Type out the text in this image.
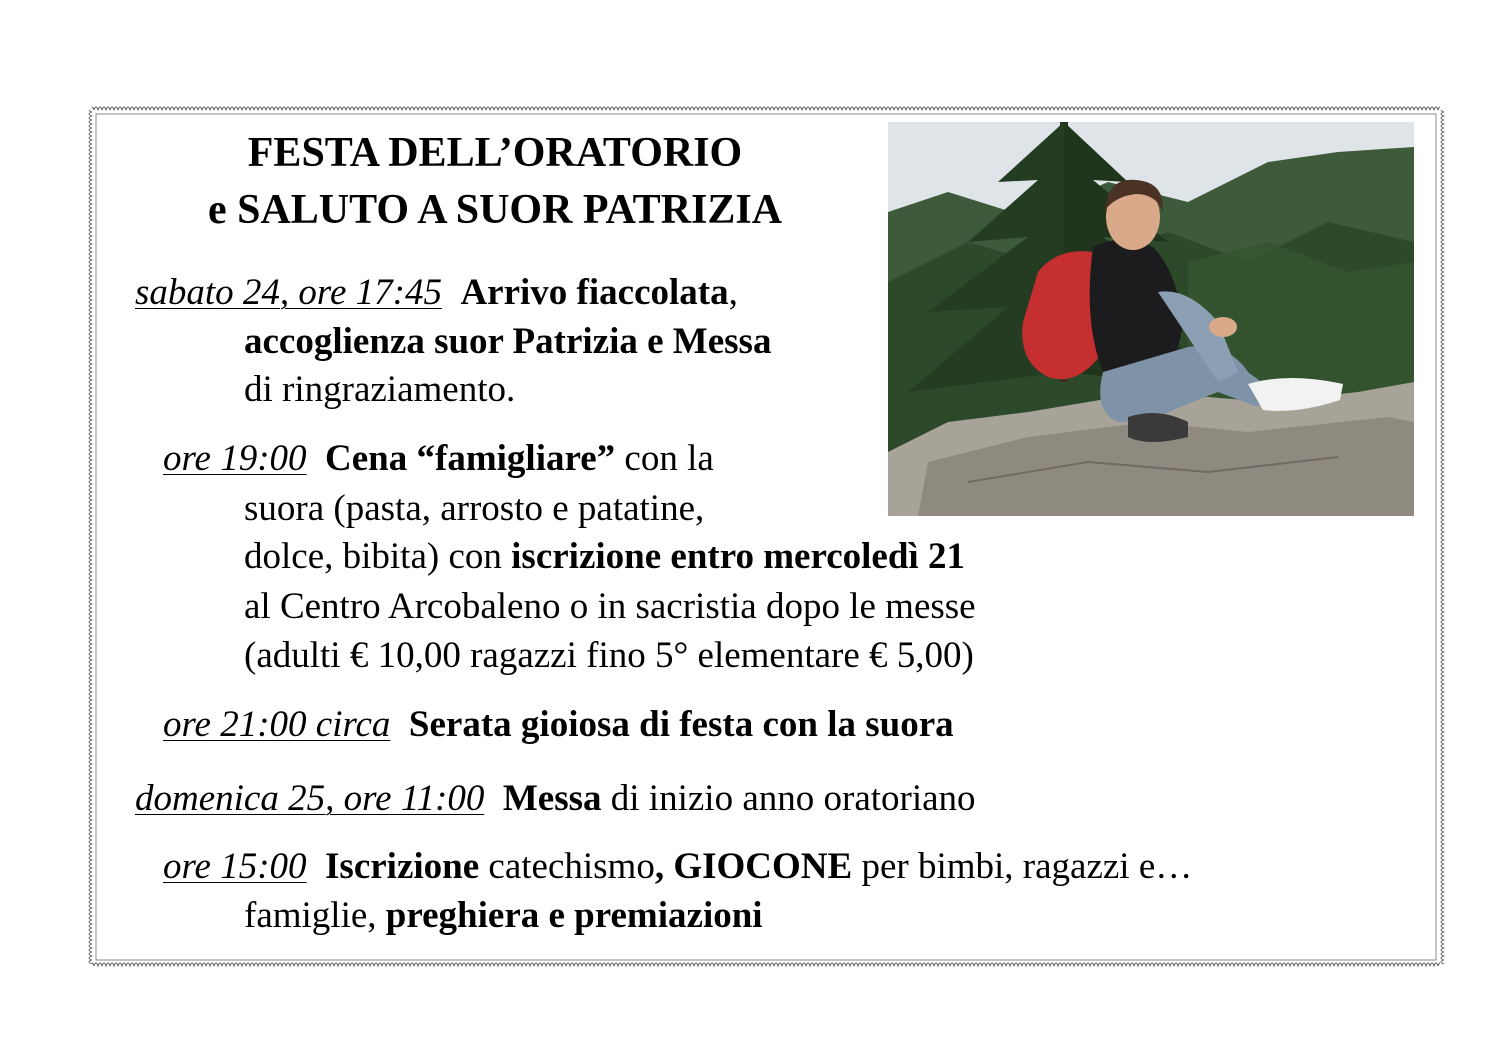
FESTA DELL’ORATORIO
e SALUTO A SUOR PATRIZIA
sabato 24, ore 17:45 Arrivo fiaccolata,
accoglienza suor Patrizia e Messa
di ringraziamento.
ore 19:00 Cena “famigliare” con la
suora (pasta, arrosto e patatine,
dolce, bibita) con iscrizione entro mercoledì 21
al Centro Arcobaleno o in sacristia dopo le messe
(adulti € 10,00 ragazzi fino 5° elementare € 5,00)
ore 21:00 circa Serata gioiosa di festa con la suora
domenica 25, ore 11:00 Messa di inizio anno oratoriano
ore 15:00 Iscrizione catechismo, GIOCONE per bimbi, ragazzi e…
famiglie, preghiera e premiazioni
